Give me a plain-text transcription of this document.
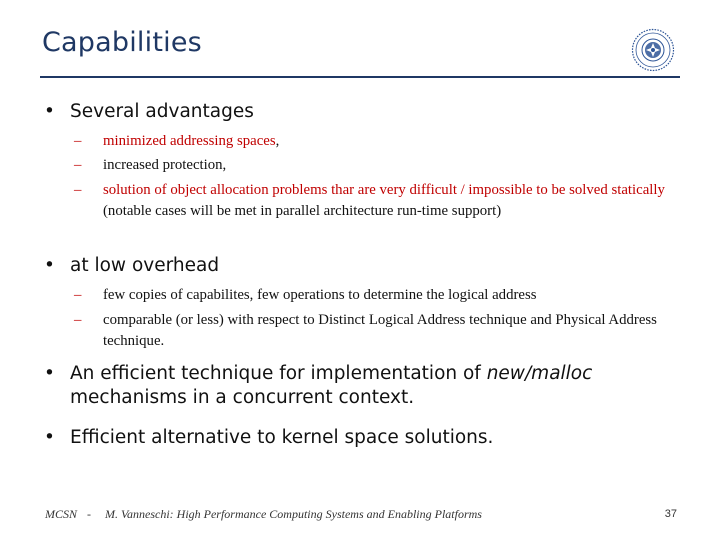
Capabilities
• Several advantages
– minimized addressing spaces,
– increased protection,
– solution of object allocation problems thar are very difficult / impossible to be solved statically (notable cases will be met in parallel architecture run-time support)
• at low overhead
– few copies of capabilites, few operations to determine the logical address
– comparable (or less) with respect to Distinct Logical Address technique and Physical Address technique.
• An efficient technique for implementation of new/malloc mechanisms in a concurrent context.
• Efficient alternative to kernel space solutions.
MCSN - M. Vanneschi: High Performance Computing Systems and Enabling Platforms	37
